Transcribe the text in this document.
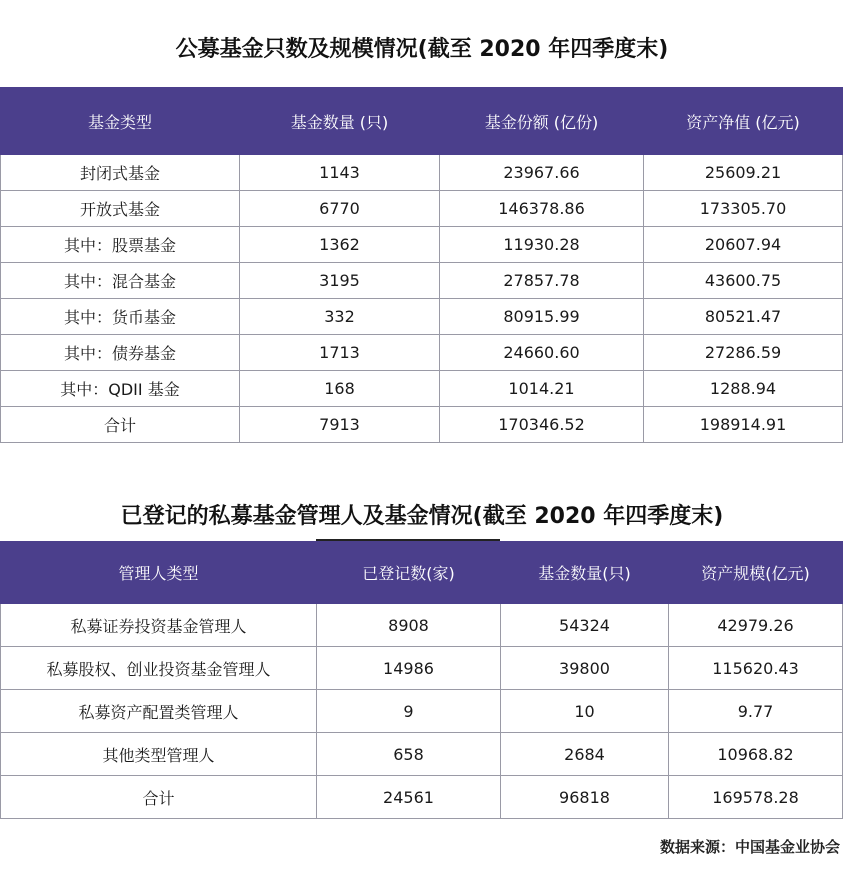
公募基金只数及规模情况(截至 2020 年四季度末)
基金类型	基金数量 (只)	基金份额 (亿份)	资产净值 (亿元)
封闭式基金	1143	23967.66	25609.21
开放式基金	6770	146378.86	173305.70
其中：股票基金	1362	11930.28	20607.94
其中：混合基金	3195	27857.78	43600.75
其中：货币基金	332	80915.99	80521.47
其中：债券基金	1713	24660.60	27286.59
其中：QDII 基金	168	1014.21	1288.94
合计	7913	170346.52	198914.91
已登记的私募基金管理人及基金情况(截至 2020 年四季度末)
管理人类型	已登记数(家)	基金数量(只)	资产规模(亿元)
私募证券投资基金管理人	8908	54324	42979.26
私募股权、创业投资基金管理人	14986	39800	115620.43
私募资产配置类管理人	9	10	9.77
其他类型管理人	658	2684	10968.82
合计	24561	96818	169578.28
数据来源：中国基金业协会
